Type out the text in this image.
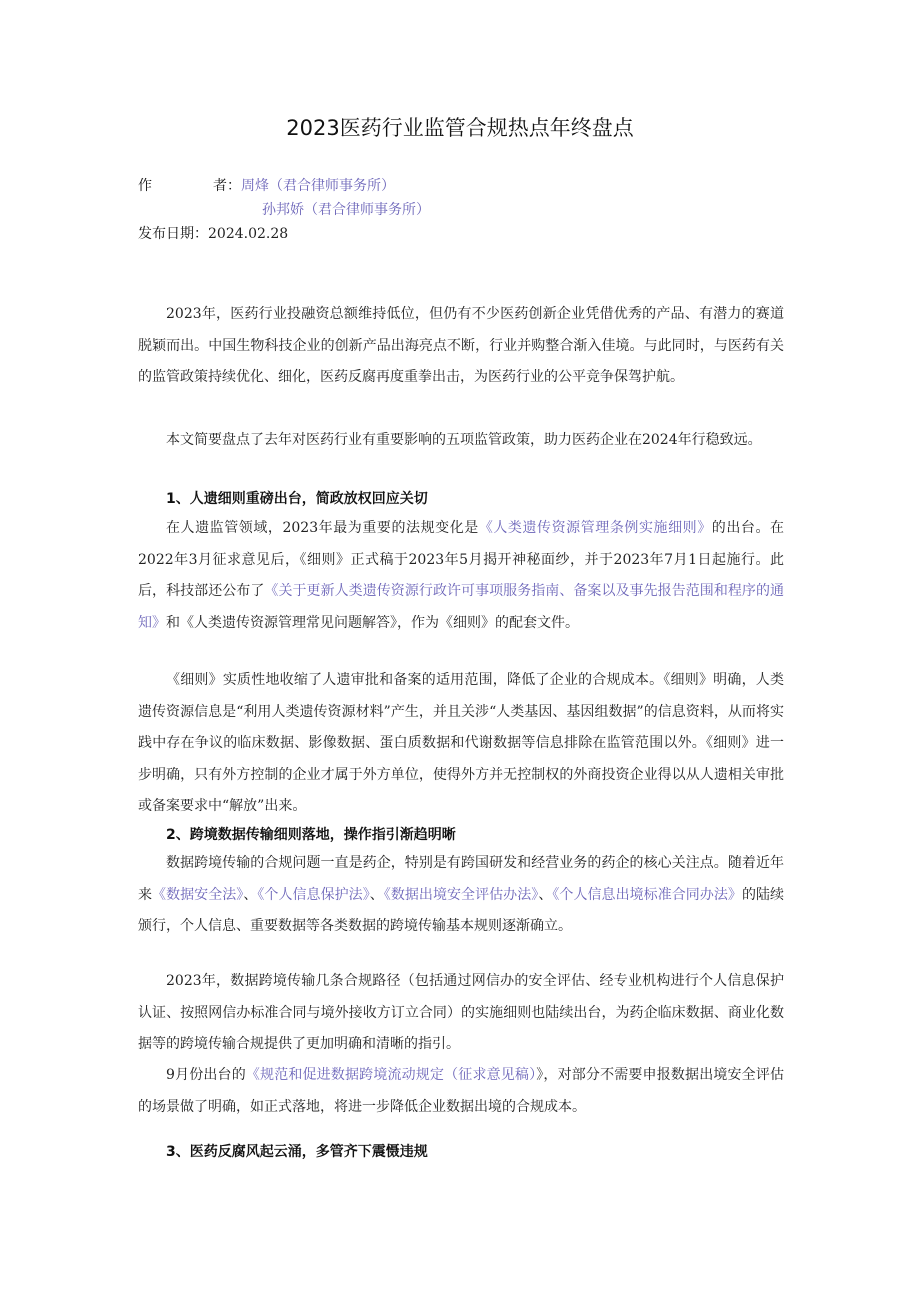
2023医药行业监管合规热点年终盘点
作	者：周烽（君合律师事务所）
孙邦娇（君合律师事务所）
发布日期：2024.02.28

2023年，医药行业投融资总额维持低位，但仍有不少医药创新企业凭借优秀的产品、有潜力的赛道脱颖而出。中国生物科技企业的创新产品出海亮点不断，行业并购整合渐入佳境。与此同时，与医药有关的监管政策持续优化、细化，医药反腐再度重拳出击，为医药行业的公平竞争保驾护航。

本文简要盘点了去年对医药行业有重要影响的五项监管政策，助力医药企业在2024年行稳致远。

1、人遗细则重磅出台，简政放权回应关切

在人遗监管领域，2023年最为重要的法规变化是《人类遗传资源管理条例实施细则》的出台。在2022年3月征求意见后，《细则》正式稿于2023年5月揭开神秘面纱，并于2023年7月1日起施行。此后，科技部还公布了《关于更新人类遗传资源行政许可事项服务指南、备案以及事先报告范围和程序的通知》和《人类遗传资源管理常见问题解答》，作为《细则》的配套文件。

《细则》实质性地收缩了人遗审批和备案的适用范围，降低了企业的合规成本。《细则》明确，人类遗传资源信息是“利用人类遗传资源材料”产生，并且关涉“人类基因、基因组数据”的信息资料，从而将实践中存在争议的临床数据、影像数据、蛋白质数据和代谢数据等信息排除在监管范围以外。《细则》进一步明确，只有外方控制的企业才属于外方单位，使得外方并无控制权的外商投资企业得以从人遗相关审批或备案要求中“解放”出来。

2、跨境数据传输细则落地，操作指引渐趋明晰

数据跨境传输的合规问题一直是药企，特别是有跨国研发和经营业务的药企的核心关注点。随着近年来《数据安全法》、《个人信息保护法》、《数据出境安全评估办法》、《个人信息出境标准合同办法》的陆续颁行，个人信息、重要数据等各类数据的跨境传输基本规则逐渐确立。

2023年，数据跨境传输几条合规路径（包括通过网信办的安全评估、经专业机构进行个人信息保护认证、按照网信办标准合同与境外接收方订立合同）的实施细则也陆续出台，为药企临床数据、商业化数据等的跨境传输合规提供了更加明确和清晰的指引。

9月份出台的《规范和促进数据跨境流动规定（征求意见稿）》，对部分不需要申报数据出境安全评估的场景做了明确，如正式落地，将进一步降低企业数据出境的合规成本。

3、医药反腐风起云涌，多管齐下震慑违规
